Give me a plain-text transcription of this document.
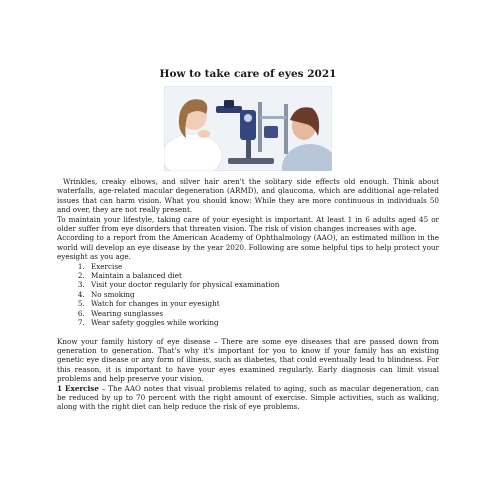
How to take care of eyes 2021

Wrinkles, creaky elbows, and silver hair aren't the solitary side effects old enough. Think about waterfalls, age-related macular degeneration (ARMD), and glaucoma, which are additional age-related issues that can harm vision. What you should know: While they are more continuous in individuals 50 and over, they are not really present.

To maintain your lifestyle, taking care of your eyesight is important. At least 1 in 6 adults aged 45 or older suffer from eye disorders that threaten vision. The risk of vision changes increases with age.

According to a report from the American Academy of Ophthalmology (AAO), an estimated million in the world will develop an eye disease by the year 2020. Following are some helpful tips to help protect your eyesight as you age.

1. Exercise
2. Maintain a balanced diet
3. Visit your doctor regularly for physical examination
4. No smoking
5. Watch for changes in your eyesight
6. Wearing sunglasses
7. Wear safety goggles while working

Know your family history of eye disease – There are some eye diseases that are passed down from generation to generation. That's why it's important for you to know if your family has an existing genetic eye disease or any form of illness, such as diabetes, that could eventually lead to blindness. For this reason, it is important to have your eyes examined regularly. Early diagnosis can limit visual problems and help preserve your vision.

1 Exercise – The AAO notes that visual problems related to aging, such as macular degeneration, can be reduced by up to 70 percent with the right amount of exercise. Simple activities, such as walking, along with the right diet can help reduce the risk of eye problems.
